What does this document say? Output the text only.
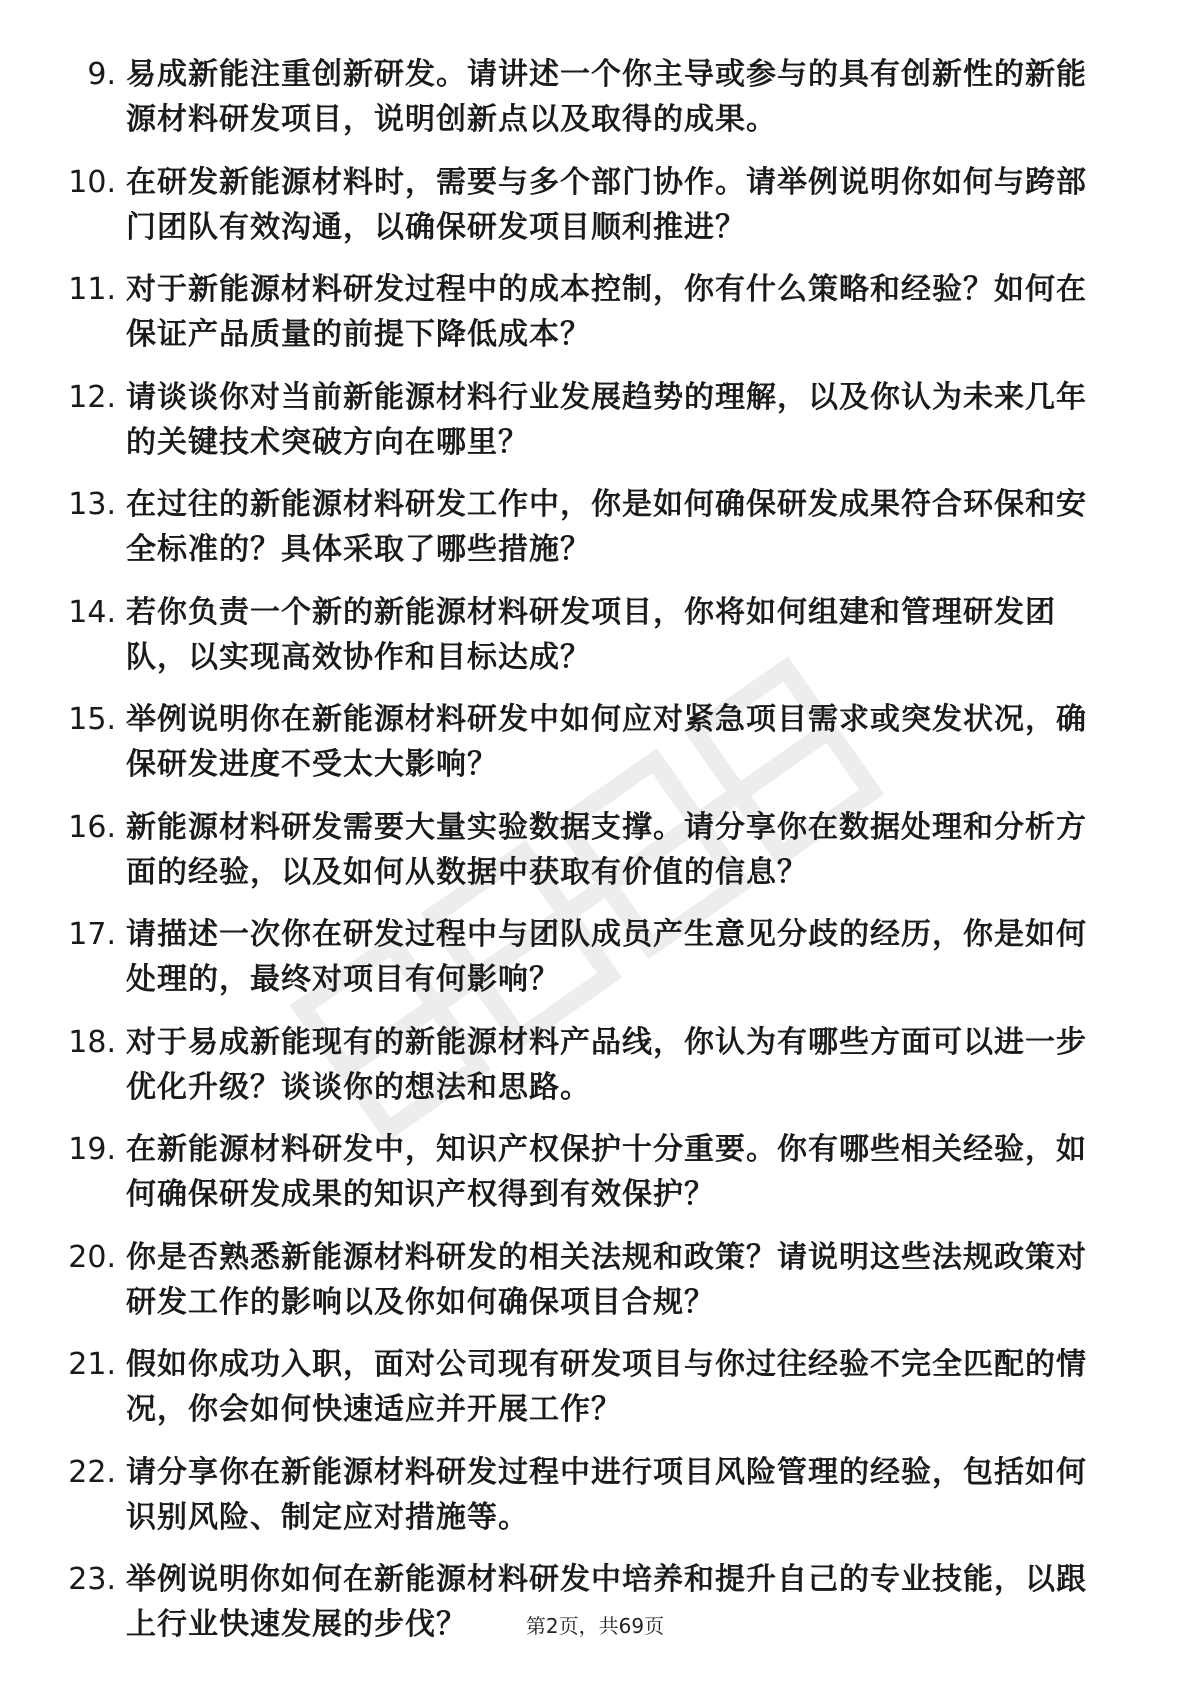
9. 易成新能注重创新研发。请讲述一个你主导或参与的具有创新性的新能源材料研发项目，说明创新点以及取得的成果。
10. 在研发新能源材料时，需要与多个部门协作。请举例说明你如何与跨部门团队有效沟通，以确保研发项目顺利推进？
11. 对于新能源材料研发过程中的成本控制，你有什么策略和经验？如何在保证产品质量的前提下降低成本？
12. 请谈谈你对当前新能源材料行业发展趋势的理解，以及你认为未来几年的关键技术突破方向在哪里？
13. 在过往的新能源材料研发工作中，你是如何确保研发成果符合环保和安全标准的？具体采取了哪些措施？
14. 若你负责一个新的新能源材料研发项目，你将如何组建和管理研发团队，以实现高效协作和目标达成？
15. 举例说明你在新能源材料研发中如何应对紧急项目需求或突发状况，确保研发进度不受太大影响？
16. 新能源材料研发需要大量实验数据支撑。请分享你在数据处理和分析方面的经验，以及如何从数据中获取有价值的信息？
17. 请描述一次你在研发过程中与团队成员产生意见分歧的经历，你是如何处理的，最终对项目有何影响？
18. 对于易成新能现有的新能源材料产品线，你认为有哪些方面可以进一步优化升级？谈谈你的想法和思路。
19. 在新能源材料研发中，知识产权保护十分重要。你有哪些相关经验，如何确保研发成果的知识产权得到有效保护？
20. 你是否熟悉新能源材料研发的相关法规和政策？请说明这些法规政策对研发工作的影响以及你如何确保项目合规？
21. 假如你成功入职，面对公司现有研发项目与你过往经验不完全匹配的情况，你会如何快速适应并开展工作？
22. 请分享你在新能源材料研发过程中进行项目风险管理的经验，包括如何识别风险、制定应对措施等。
23. 举例说明你如何在新能源材料研发中培养和提升自己的专业技能，以跟上行业快速发展的步伐？	第2页，共69页
